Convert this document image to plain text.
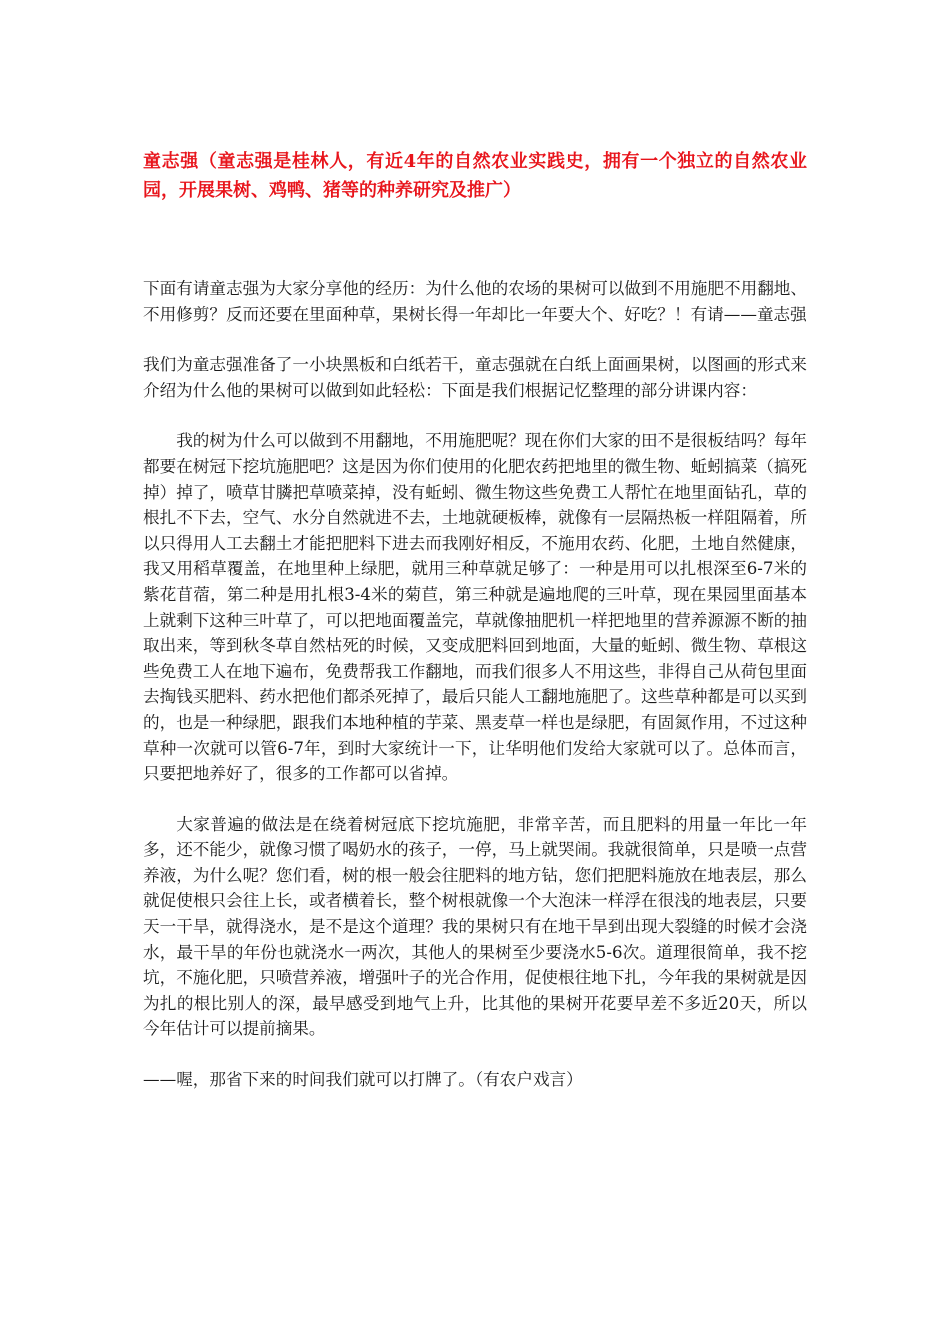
童志强（童志强是桂林人，有近4年的自然农业实践史，拥有一个独立的自然农业园，开展果树、鸡鸭、猪等的种养研究及推广）

下面有请童志强为大家分享他的经历：为什么他的农场的果树可以做到不用施肥不用翻地、不用修剪？反而还要在里面种草，果树长得一年却比一年要大个、好吃？！有请——童志强

我们为童志强准备了一小块黑板和白纸若干，童志强就在白纸上面画果树，以图画的形式来介绍为什么他的果树可以做到如此轻松：下面是我们根据记忆整理的部分讲课内容：

我的树为什么可以做到不用翻地，不用施肥呢？现在你们大家的田不是很板结吗？每年都要在树冠下挖坑施肥吧？这是因为你们使用的化肥农药把地里的微生物、蚯蚓搞菜（搞死掉）掉了，喷草甘膦把草喷菜掉，没有蚯蚓、微生物这些免费工人帮忙在地里面钻孔，草的根扎不下去，空气、水分自然就进不去，土地就硬板棒，就像有一层隔热板一样阻隔着，所以只得用人工去翻土才能把肥料下进去而我刚好相反，不施用农药、化肥，土地自然健康，我又用稻草覆盖，在地里种上绿肥，就用三种草就足够了：一种是用可以扎根深至6-7米的紫花苜蓿，第二种是用扎根3-4米的菊苣，第三种就是遍地爬的三叶草，现在果园里面基本上就剩下这种三叶草了，可以把地面覆盖完，草就像抽肥机一样把地里的营养源源不断的抽取出来，等到秋冬草自然枯死的时候，又变成肥料回到地面，大量的蚯蚓、微生物、草根这些免费工人在地下遍布，免费帮我工作翻地，而我们很多人不用这些，非得自己从荷包里面去掏钱买肥料、药水把他们都杀死掉了，最后只能人工翻地施肥了。这些草种都是可以买到的，也是一种绿肥，跟我们本地种植的芋菜、黑麦草一样也是绿肥，有固氮作用，不过这种草种一次就可以管6-7年，到时大家统计一下，让华明他们发给大家就可以了。总体而言，只要把地养好了，很多的工作都可以省掉。

大家普遍的做法是在绕着树冠底下挖坑施肥，非常辛苦，而且肥料的用量一年比一年多，还不能少，就像习惯了喝奶水的孩子，一停，马上就哭闹。我就很简单，只是喷一点营养液，为什么呢？您们看，树的根一般会往肥料的地方钻，您们把肥料施放在地表层，那么就促使根只会往上长，或者横着长，整个树根就像一个大泡沫一样浮在很浅的地表层，只要天一干旱，就得浇水，是不是这个道理？我的果树只有在地干旱到出现大裂缝的时候才会浇水，最干旱的年份也就浇水一两次，其他人的果树至少要浇水5-6次。道理很简单，我不挖坑，不施化肥，只喷营养液，增强叶子的光合作用，促使根往地下扎，今年我的果树就是因为扎的根比别人的深，最早感受到地气上升，比其他的果树开花要早差不多近20天，所以今年估计可以提前摘果。

——喔，那省下来的时间我们就可以打牌了。（有农户戏言）
